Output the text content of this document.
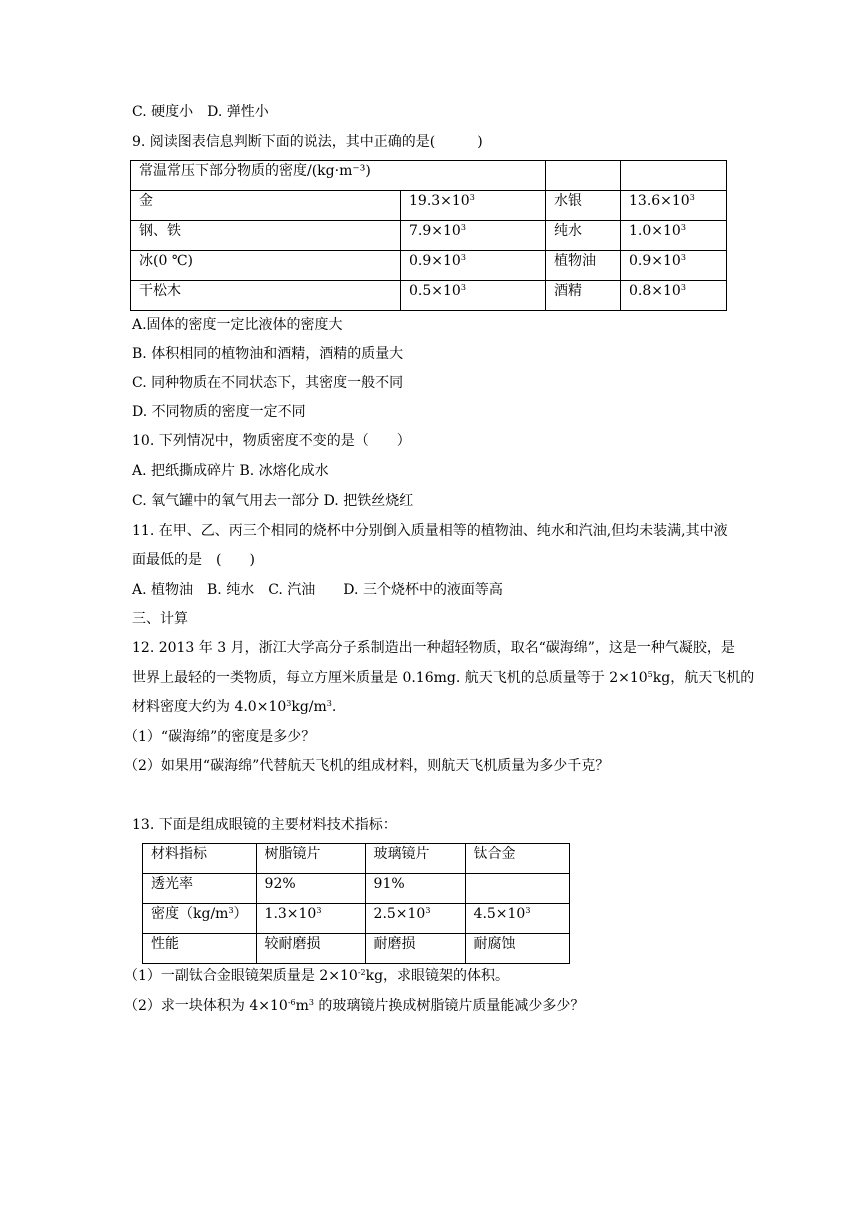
C. 硬度小　D. 弹性小
9. 阅读图表信息判断下面的说法，其中正确的是(　　　)
常温常压下部分物质的密度/(kg·m⁻³)			
金	$19.3\times 10^3$	水银	$13.6\times 10^3$
钢、铁	$7.9\times 10^3$	纯水	$1.0\times 10^3$
冰(0 ℃)	$0.9\times 10^3$	植物油	$0.9\times 10^3$
干松木	$0.5\times 10^3$	酒精	$0.8\times 10^3$
A.固体的密度一定比液体的密度大
B. 体积相同的植物油和酒精，酒精的质量大
C. 同种物质在不同状态下，其密度一般不同
D. 不同物质的密度一定不同
10. 下列情况中，物质密度不变的是（　　）
A. 把纸撕成碎片 B. 冰熔化成水
C. 氧气罐中的氧气用去一部分 D. 把铁丝烧红
11. 在甲、乙、丙三个相同的烧杯中分别倒入质量相等的植物油、纯水和汽油,但均未装满,其中液
面最低的是　(　　)
A. 植物油　B. 纯水　C. 汽油　　D. 三个烧杯中的液面等高
三、计算
12. 2013 年 3 月，浙江大学高分子系制造出一种超轻物质，取名“碳海绵”，这是一种气凝胶，是
世界上最轻的一类物质，每立方厘米质量是 0.16mg. 航天飞机的总质量等于 $2\times 10^5kg$，航天飞机的
材料密度大约为 $4.0\times 10^3kg/m^3$.
（1）“碳海绵”的密度是多少？
（2）如果用“碳海绵”代替航天飞机的组成材料，则航天飞机质量为多少千克？
13. 下面是组成眼镜的主要材料技术指标：
材料指标	树脂镜片	玻璃镜片	钛合金
透光率	92%	91%	
密度$(kg/m^3)$	$1.3\times 10^3$	$2.5\times 10^3$	$4.5\times 10^3$
性能	较耐磨损	耐磨损	耐腐蚀
（1）一副钛合金眼镜架质量是 $2\times 10^{-2}kg$，求眼镜架的体积。
（2）求一块体积为 $4\times 10^{-6}m^3$ 的玻璃镜片换成树脂镜片质量能减少多少？
